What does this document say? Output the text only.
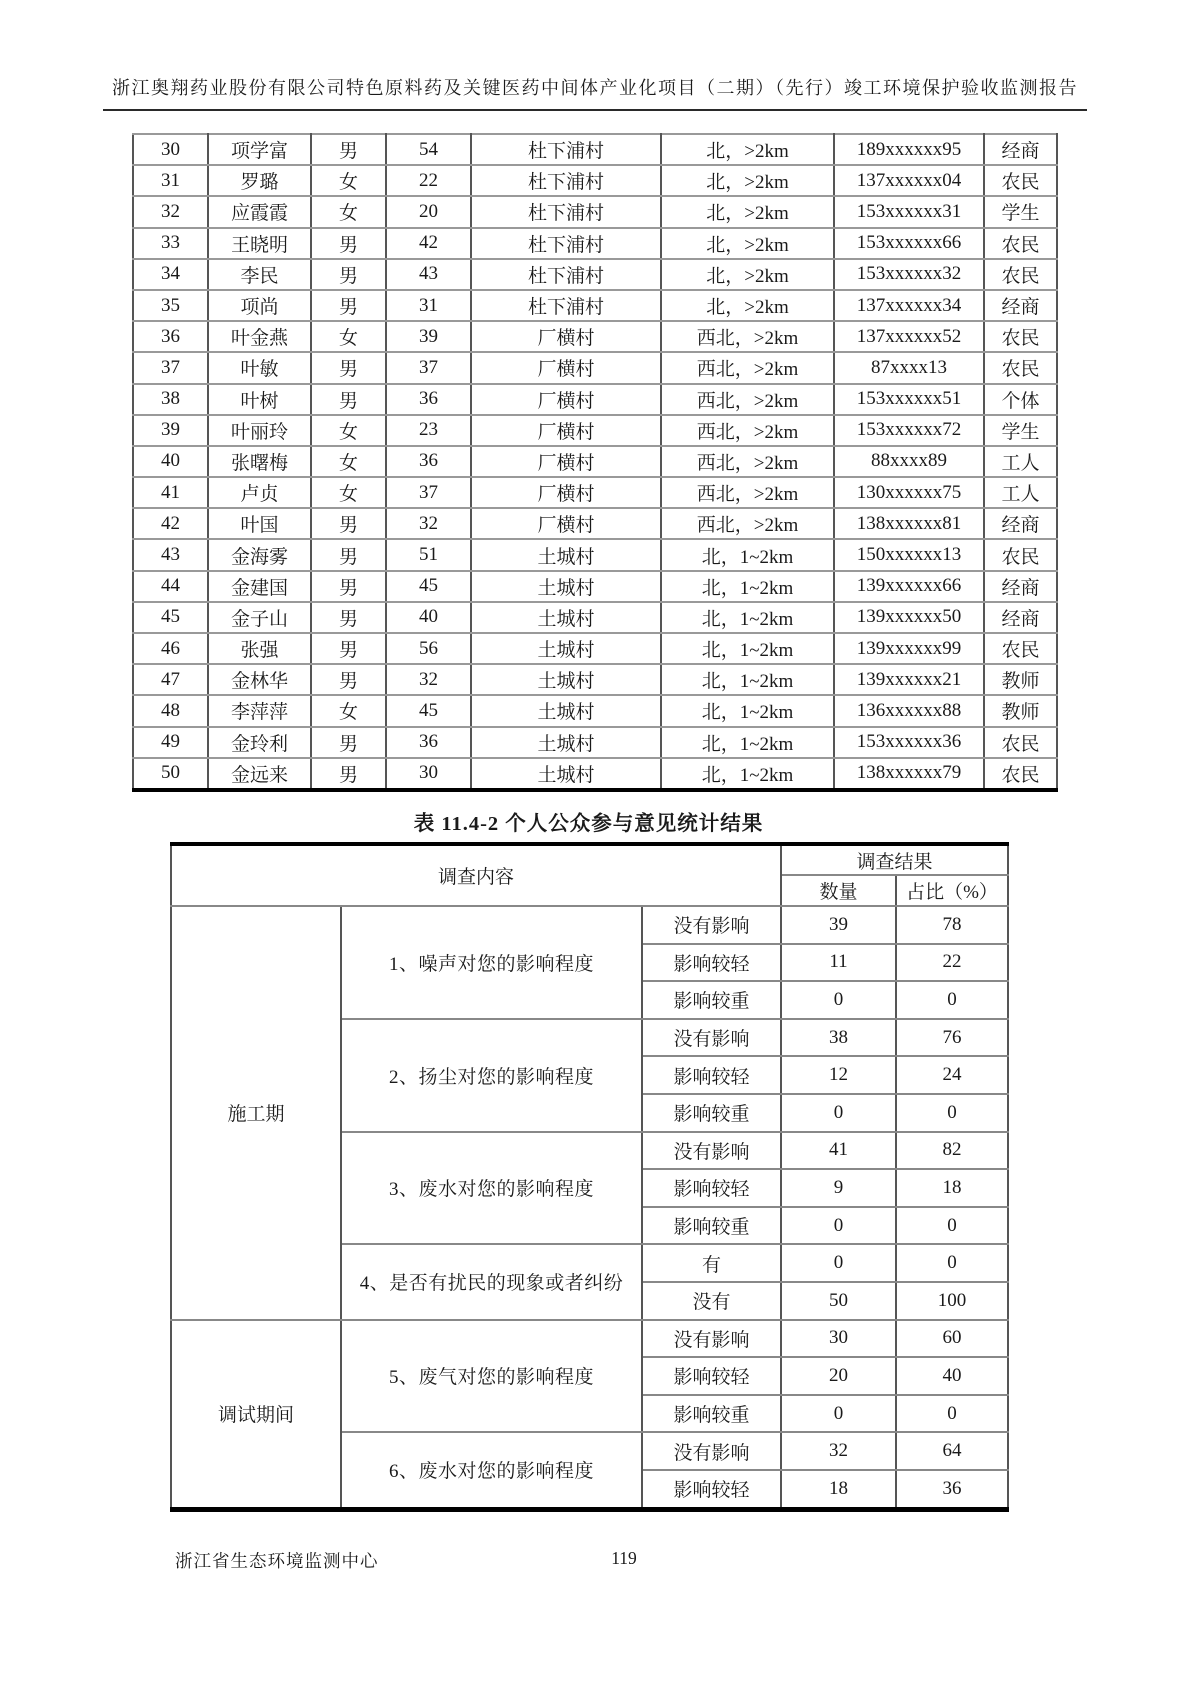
浙江奥翔药业股份有限公司特色原料药及关键医药中间体产业化项目（二期）（先行）竣工环境保护验收监测报告
30	项学富	男	54	杜下浦村	北，>2km	189xxxxxx95	经商
31	罗璐	女	22	杜下浦村	北，>2km	137xxxxxx04	农民
32	应霞霞	女	20	杜下浦村	北，>2km	153xxxxxx31	学生
33	王晓明	男	42	杜下浦村	北，>2km	153xxxxxx66	农民
34	李民	男	43	杜下浦村	北，>2km	153xxxxxx32	农民
35	项尚	男	31	杜下浦村	北，>2km	137xxxxxx34	经商
36	叶金燕	女	39	厂横村	西北，>2km	137xxxxxx52	农民
37	叶敏	男	37	厂横村	西北，>2km	87xxxx13	农民
38	叶树	男	36	厂横村	西北，>2km	153xxxxxx51	个体
39	叶丽玲	女	23	厂横村	西北，>2km	153xxxxxx72	学生
40	张曙梅	女	36	厂横村	西北，>2km	88xxxx89	工人
41	卢贞	女	37	厂横村	西北，>2km	130xxxxxx75	工人
42	叶国	男	32	厂横村	西北，>2km	138xxxxxx81	经商
43	金海雾	男	51	土城村	北，1~2km	150xxxxxx13	农民
44	金建国	男	45	土城村	北，1~2km	139xxxxxx66	经商
45	金子山	男	40	土城村	北，1~2km	139xxxxxx50	经商
46	张强	男	56	土城村	北，1~2km	139xxxxxx99	农民
47	金林华	男	32	土城村	北，1~2km	139xxxxxx21	教师
48	李萍萍	女	45	土城村	北，1~2km	136xxxxxx88	教师
49	金玲利	男	36	土城村	北，1~2km	153xxxxxx36	农民
50	金远来	男	30	土城村	北，1~2km	138xxxxxx79	农民
表 11.4-2 个人公众参与意见统计结果
调查内容			调查结果	
			数量	占比（%）
施工期	1、噪声对您的影响程度	没有影响	39	78
		影响较轻	11	22
		影响较重	0	0
	2、扬尘对您的影响程度	没有影响	38	76
		影响较轻	12	24
		影响较重	0	0
	3、废水对您的影响程度	没有影响	41	82
		影响较轻	9	18
		影响较重	0	0
	4、是否有扰民的现象或者纠纷	有	0	0
		没有	50	100
调试期间	5、废气对您的影响程度	没有影响	30	60
		影响较轻	20	40
		影响较重	0	0
	6、废水对您的影响程度	没有影响	32	64
		影响较轻	18	36
浙江省生态环境监测中心	119
